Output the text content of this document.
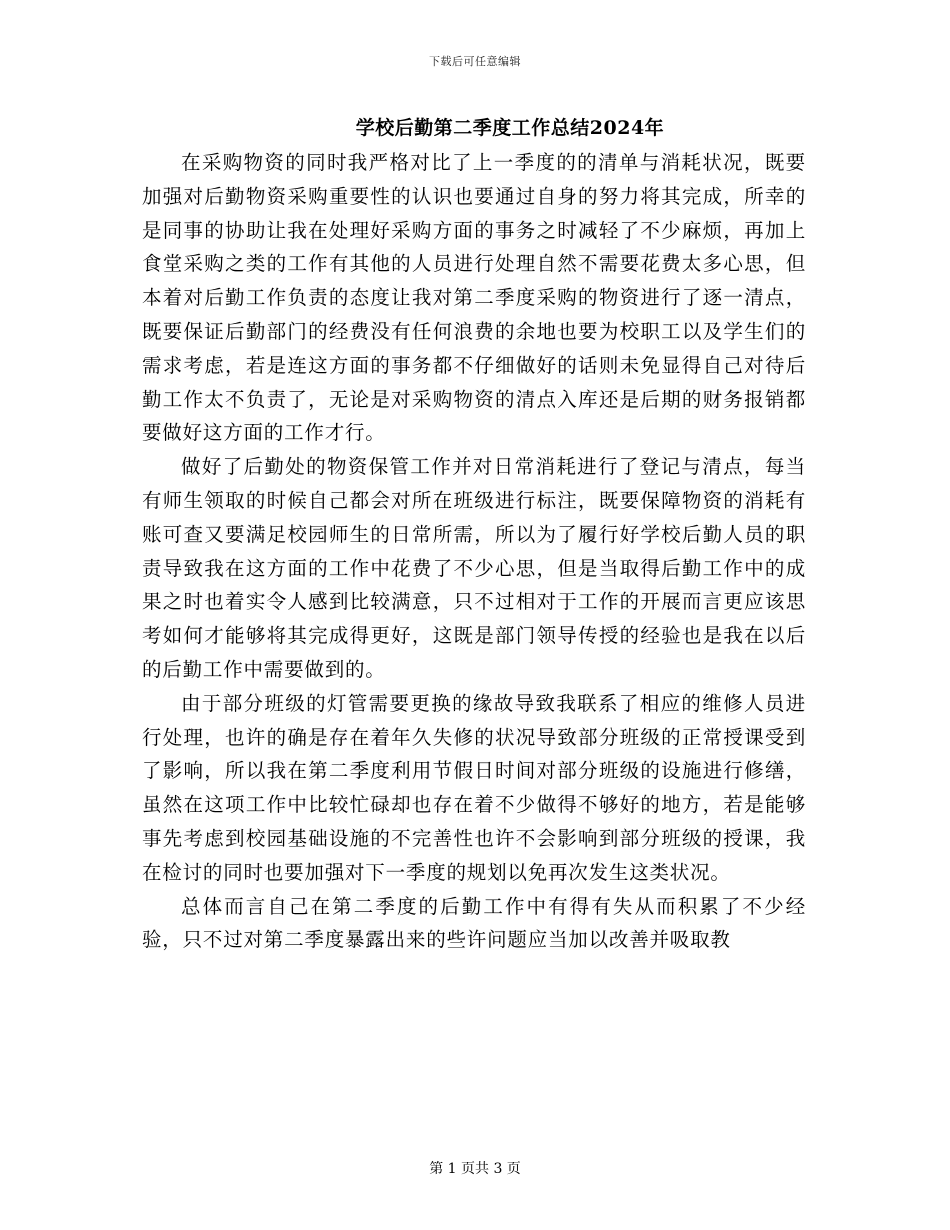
下载后可任意编辑
学校后勤第二季度工作总结2024年

在采购物资的同时我严格对比了上一季度的的清单与消耗状况，既要加强对后勤物资采购重要性的认识也要通过自身的努力将其完成，所幸的是同事的协助让我在处理好采购方面的事务之时减轻了不少麻烦，再加上食堂采购之类的工作有其他的人员进行处理自然不需要花费太多心思，但本着对后勤工作负责的态度让我对第二季度采购的物资进行了逐一清点，既要保证后勤部门的经费没有任何浪费的余地也要为校职工以及学生们的需求考虑，若是连这方面的事务都不仔细做好的话则未免显得自己对待后勤工作太不负责了，无论是对采购物资的清点入库还是后期的财务报销都要做好这方面的工作才行。

做好了后勤处的物资保管工作并对日常消耗进行了登记与清点，每当有师生领取的时候自己都会对所在班级进行标注，既要保障物资的消耗有账可查又要满足校园师生的日常所需，所以为了履行好学校后勤人员的职责导致我在这方面的工作中花费了不少心思，但是当取得后勤工作中的成果之时也着实令人感到比较满意，只不过相对于工作的开展而言更应该思考如何才能够将其完成得更好，这既是部门领导传授的经验也是我在以后的后勤工作中需要做到的。

由于部分班级的灯管需要更换的缘故导致我联系了相应的维修人员进行处理，也许的确是存在着年久失修的状况导致部分班级的正常授课受到了影响，所以我在第二季度利用节假日时间对部分班级的设施进行修缮，虽然在这项工作中比较忙碌却也存在着不少做得不够好的地方，若是能够事先考虑到校园基础设施的不完善性也许不会影响到部分班级的授课，我在检讨的同时也要加强对下一季度的规划以免再次发生这类状况。

总体而言自己在第二季度的后勤工作中有得有失从而积累了不少经验，只不过对第二季度暴露出来的些许问题应当加以改善并吸取教

第 1 页共 3 页
